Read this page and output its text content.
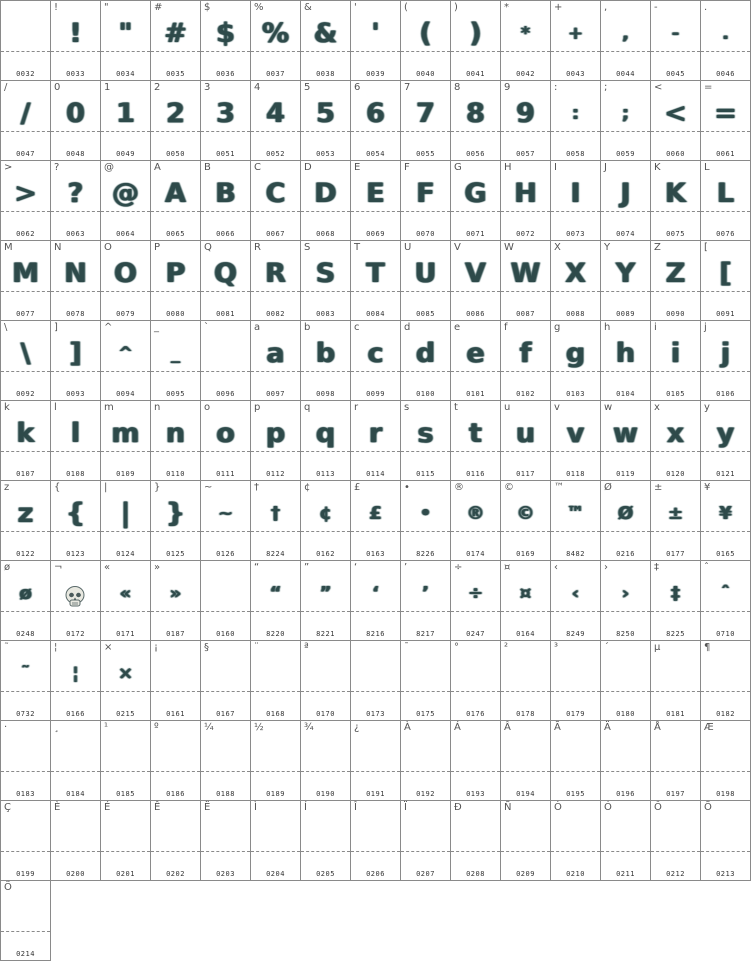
0032
!
!
0033
"
"
0034
#
#
0035
$
$
0036
%
%
0037
&
&
0038
'
'
0039
(
(
0040
)
)
0041
*
*
0042
+
+
0043
,
,
0044
-
-
0045
.
.
0046
/
/
0047
0
0
0048
1
1
0049
2
2
0050
3
3
0051
4
4
0052
5
5
0053
6
6
0054
7
7
0055
8
8
0056
9
9
0057
:
:
0058
;
;
0059
<
<
0060
=
=
0061
>
>
0062
?
?
0063
@
@
0064
A
A
0065
B
B
0066
C
C
0067
D
D
0068
E
E
0069
F
F
0070
G
G
0071
H
H
0072
I
I
0073
J
J
0074
K
K
0075
L
L
0076
M
M
0077
N
N
0078
O
O
0079
P
P
0080
Q
Q
0081
R
R
0082
S
S
0083
T
T
0084
U
U
0085
V
V
0086
W
W
0087
X
X
0088
Y
Y
0089
Z
Z
0090
[
[
0091
\
\
0092
]
]
0093
^
^
0094
_
_
0095
`
0096
a
a
0097
b
b
0098
c
c
0099
d
d
0100
e
e
0101
f
f
0102
g
g
0103
h
h
0104
i
i
0105
j
j
0106
k
k
0107
l
l
0108
m
m
0109
n
n
0110
o
o
0111
p
p
0112
q
q
0113
r
r
0114
s
s
0115
t
t
0116
u
u
0117
v
v
0118
w
w
0119
x
x
0120
y
y
0121
z
z
0122
{
{
0123
|
|
0124
}
}
0125
~
~
0126
†
†
8224
¢
¢
0162
£
£
0163
•
•
8226
®
®
0174
©
©
0169
™
™
8482
Ø
Ø
0216
±
±
0177
¥
¥
0165
ø
ø
0248
¬
0172
«
«
0171
»
»
0187	0160
“
“
8220
”
”
8221
‘
‘
8216
’
’
8217
÷
÷
0247
¤
¤
0164
‹
‹
8249
›
›
8250
‡
‡
8225
ˆ
ˆ
0710
˜
˜
0732
¦
¦
0166
×
×
0215
¡
0161
§
0167
¨
0168
ª
0170	0173
¯
0175
°
0176
²
0178
³
0179
´
0180
µ
0181
¶
0182
·
0183
¸
0184
¹
0185
º
0186
¼
0188
½
0189
¾
0190
¿
0191
À
0192
Á
0193
Â
0194
Ã
0195
Ä
0196
Å
0197
Æ
0198
Ç
0199
È
0200
É
0201
Ê
0202
Ë
0203
Ì
0204
Í
0205
Î
0206
Ï
0207
Ð
0208
Ñ
0209
Ò
0210
Ó
0211
Ô
0212
Õ
0213
Ö
0214
